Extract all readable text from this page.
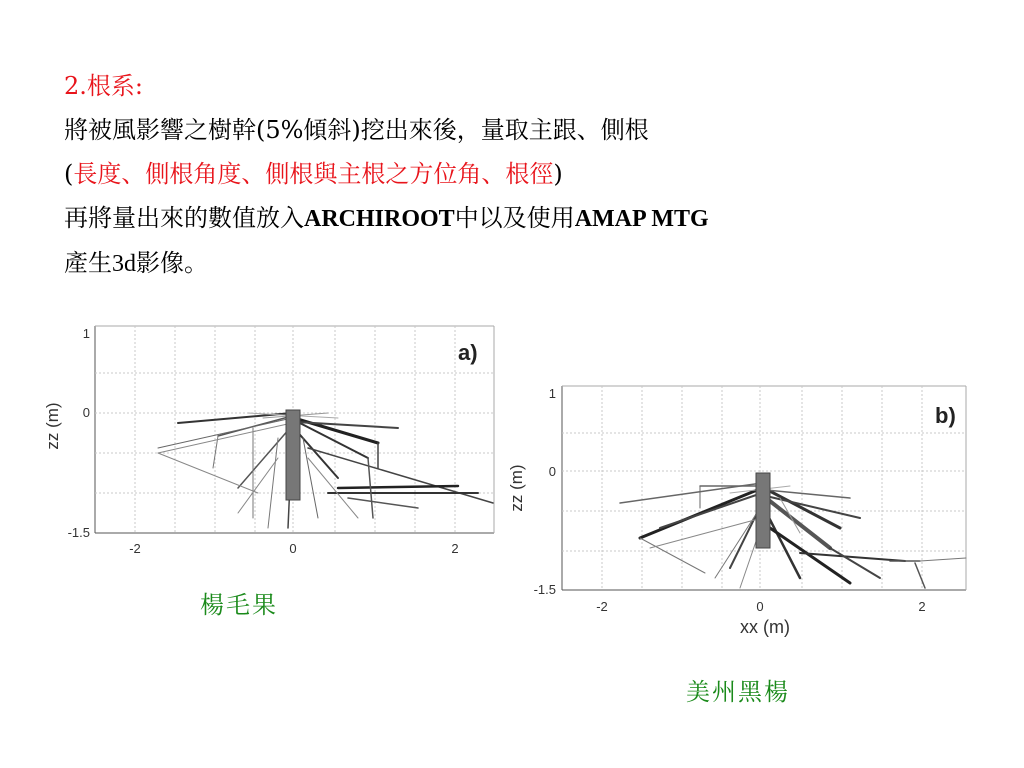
2.根系:
將被風影響之樹幹(5%傾斜)挖出來後，量取主跟、側根
(長度、側根角度、側根與主根之方位角、根徑)
再將量出來的數值放入ARCHIROOT中以及使用AMAP MTG
產生3d影像。
a)
1
0
-1.5
-2	0	2
zz (m)	b)
1
0
-1.5
-2	0	2
xx (m)
zz (m)
楊毛果
美州黑楊
